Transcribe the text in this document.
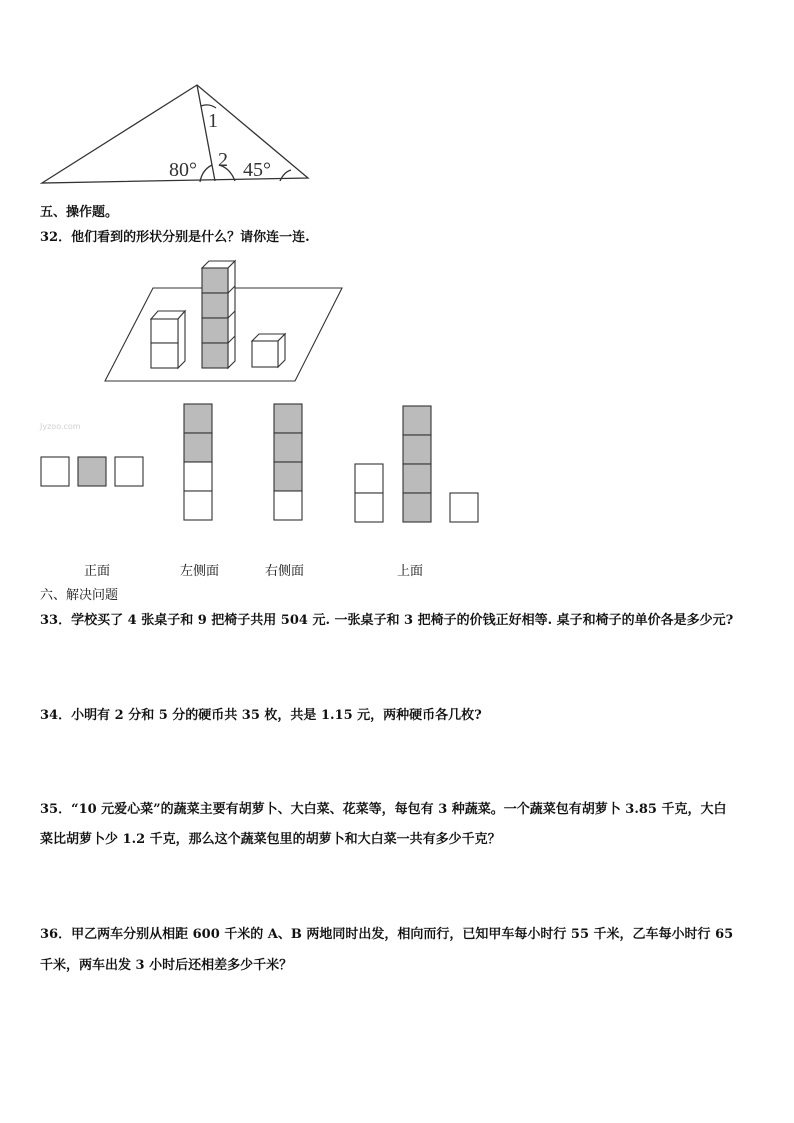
1
80° 2 45°
五、操作题。
32．他们看到的形状分别是什么？请你连一连.
Jyzoo.com
正面	左侧面	右侧面	上面
六、解决问题
33．学校买了 4 张桌子和 9 把椅子共用 504 元. 一张桌子和 3 把椅子的价钱正好相等. 桌子和椅子的单价各是多少元?
34．小明有 2 分和 5 分的硬币共 35 枚，共是 1.15 元，两种硬币各几枚?
35．“10 元爱心菜”的蔬菜主要有胡萝卜、大白菜、花菜等，每包有 3 种蔬菜。一个蔬菜包有胡萝卜 3.85 千克，大白
菜比胡萝卜少 1.2 千克，那么这个蔬菜包里的胡萝卜和大白菜一共有多少千克？
36．甲乙两车分别从相距 600 千米的 A、B 两地同时出发，相向而行，已知甲车每小时行 55 千米，乙车每小时行 65
千米，两车出发 3 小时后还相差多少千米？
